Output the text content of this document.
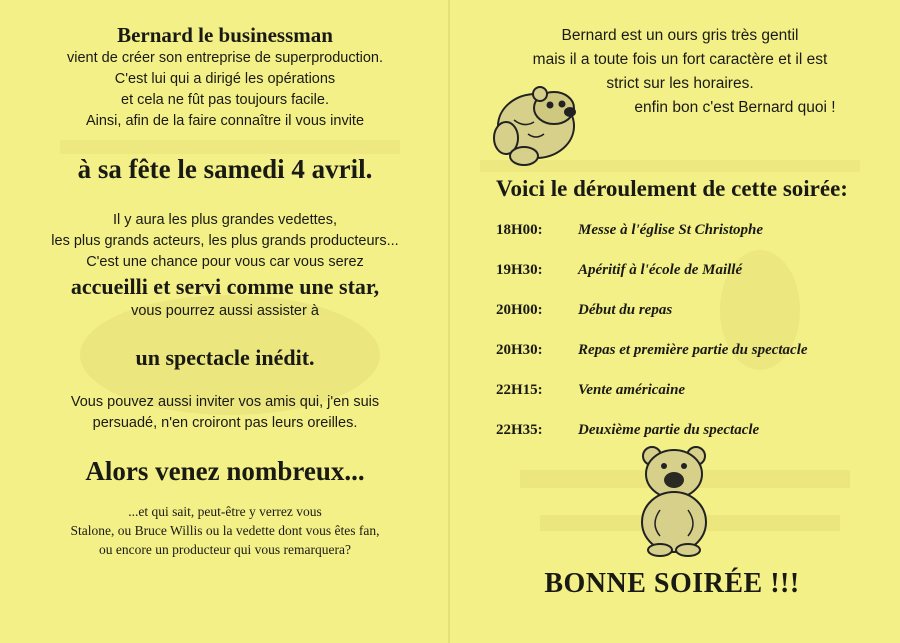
Bernard le businessman

vient de créer son entreprise de superproduction.

C'est lui qui a dirigé les opérations

et cela ne fût pas toujours facile.

Ainsi, afin de la faire connaître il vous invite

à sa fête le samedi 4 avril.

Il y aura les plus grandes vedettes,

les plus grands acteurs, les plus grands producteurs...

C'est une chance pour vous car vous serez

accueilli et servi comme une star,

vous pourrez aussi assister à

un spectacle inédit.

Vous pouvez aussi inviter vos amis qui, j'en suis

persuadé, n'en croiront pas leurs oreilles.

Alors venez nombreux...

...et qui sait, peut-être y verrez vous

Stalone, ou Bruce Willis ou la vedette dont vous êtes fan,

ou encore un producteur qui vous remarquera?

Bernard est un ours gris très gentil
mais il a toute fois un fort caractère et il est
strict sur les horaires.
enfin bon c'est Bernard quoi !

Voici le déroulement de cette soirée:

18H00:	Messe à l'église St Christophe
19H30:	Apéritif à l'école de Maillé
20H00:	Début du repas
20H30:	Repas et première partie du spectacle
22H15:	Vente américaine
22H35:	Deuxième partie du spectacle

BONNE SOIRÉE !!!
